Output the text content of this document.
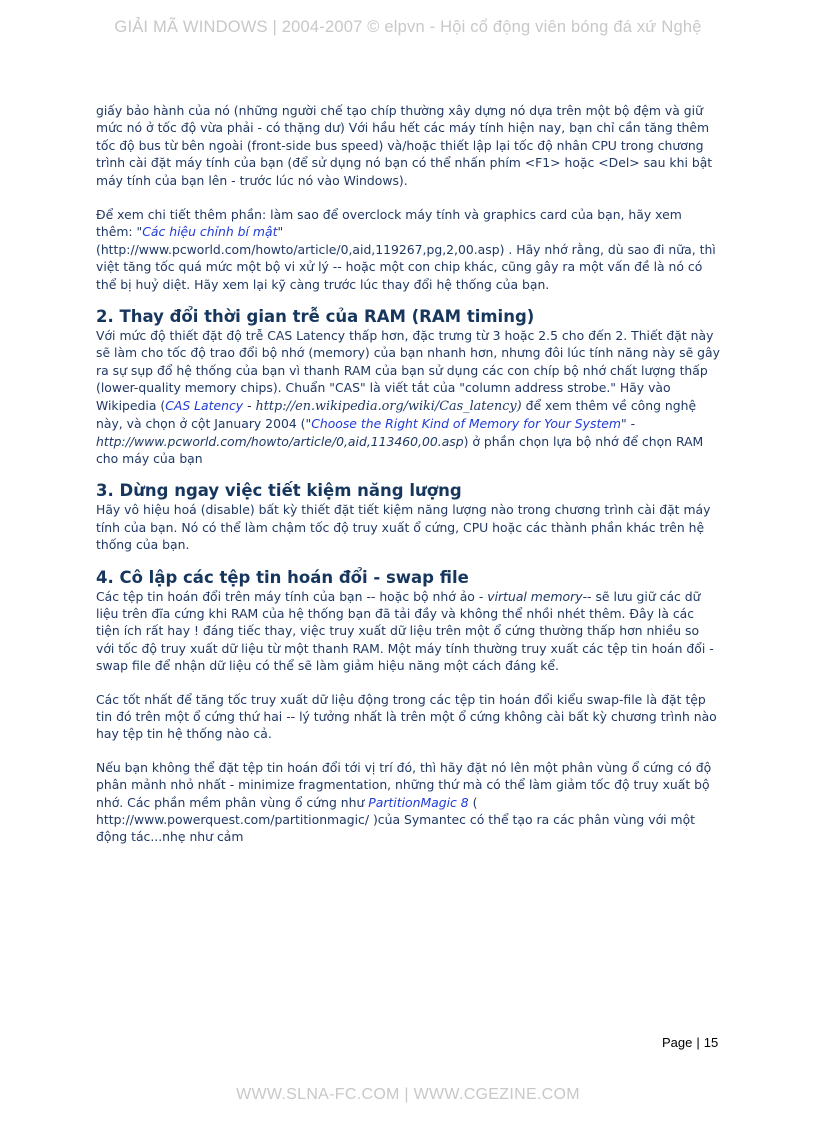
GIẢI MÃ WINDOWS | 2004-2007 © elpvn - Hội cổ động viên bóng đá xứ Nghệ

giấy bảo hành của nó (những người chế tạo chíp thường xây dựng nó dựa trên một bộ đệm và giữ mức nó ở tốc độ vừa phải - có thặng dư) Với hầu hết các máy tính hiện nay, bạn chỉ cần tăng thêm tốc độ bus từ bên ngoài (front-side bus speed) và/hoặc thiết lập lại tốc độ nhân CPU trong chương trình cài đặt máy tính của bạn (để sử dụng nó bạn có thể nhấn phím <F1> hoặc <Del> sau khi bật máy tính của bạn lên - trước lúc nó vào Windows).

Để xem chi tiết thêm phần: làm sao để overclock máy tính và graphics card của bạn, hãy xem thêm: "Các hiệu chỉnh bí mật"
(http://www.pcworld.com/howto/article/0,aid,119267,pg,2,00.asp) . Hãy nhớ rằng, dù sao đi nữa, thì việt tăng tốc quá mức một bộ vi xử lý -- hoặc một con chip khác, cũng gây ra một vấn đề là nó có thể bị huỷ diệt. Hãy xem lại kỹ càng trước lúc thay đổi hệ thống của bạn.

2. Thay đổi thời gian trễ của RAM (RAM timing)

Với mức độ thiết đặt độ trễ CAS Latency thấp hơn, đặc trưng từ 3 hoặc 2.5 cho đến 2. Thiết đặt này sẽ làm cho tốc độ trao đổi bộ nhớ (memory) của bạn nhanh hơn, nhưng đôi lúc tính năng này sẽ gây ra sự sụp đổ hệ thống của bạn vì thanh RAM của bạn sử dụng các con chíp bộ nhớ chất lượng thấp (lower-quality memory chips). Chuẩn "CAS" là viết tắt của "column address strobe." Hãy vào Wikipedia (CAS Latency - http://en.wikipedia.org/wiki/Cas_latency) để xem thêm về công nghệ này, và chọn ở cột January 2004 ("Choose the Right Kind of Memory for Your System" - http://www.pcworld.com/howto/article/0,aid,113460,00.asp) ở phần chọn lựa bộ nhớ để chọn RAM cho máy của bạn

3. Dừng ngay việc tiết kiệm năng lượng

Hãy vô hiệu hoá (disable) bất kỳ thiết đặt tiết kiệm năng lượng nào trong chương trình cài đặt máy tính của bạn. Nó có thể làm chậm tốc độ truy xuất ổ cứng, CPU hoặc các thành phần khác trên hệ thống của bạn.

4. Cô lập các tệp tin hoán đổi - swap file

Các tệp tin hoán đổi trên máy tính của bạn -- hoặc bộ nhớ ảo - virtual memory-- sẽ lưu giữ các dữ liệu trên đĩa cứng khi RAM của hệ thống bạn đã tải đầy và không thể nhồi nhét thêm. Đây là các tiện ích rất hay ! đáng tiếc thay, việc truy xuất dữ liệu trên một ổ cứng thường thấp hơn nhiều so với tốc độ truy xuất dữ liệu từ một thanh RAM. Một máy tính thường truy xuất các tệp tin hoán đổi - swap file để nhận dữ liệu có thể sẽ làm giảm hiệu năng một cách đáng kể.

Các tốt nhất để tăng tốc truy xuất dữ liệu động trong các tệp tin hoán đổi kiểu swap-file là đặt tệp tin đó trên một ổ cứng thứ hai -- lý tưởng nhất là trên một ổ cứng không cài bất kỳ chương trình nào hay tệp tin hệ thống nào cả.

Nếu bạn không thể đặt tệp tin hoán đổi tới vị trí đó, thì hãy đặt nó lên một phân vùng ổ cứng có độ phân mảnh nhỏ nhất - minimize fragmentation, những thứ mà có thể làm giảm tốc độ truy xuất bộ nhớ. Các phần mềm phân vùng ổ cứng như PartitionMagic 8 ( http://www.powerquest.com/partitionmagic/ )của Symantec có thể tạo ra các phân vùng với một động tác...nhẹ như cảm

Page | 15
WWW.SLNA-FC.COM | WWW.CGEZINE.COM
